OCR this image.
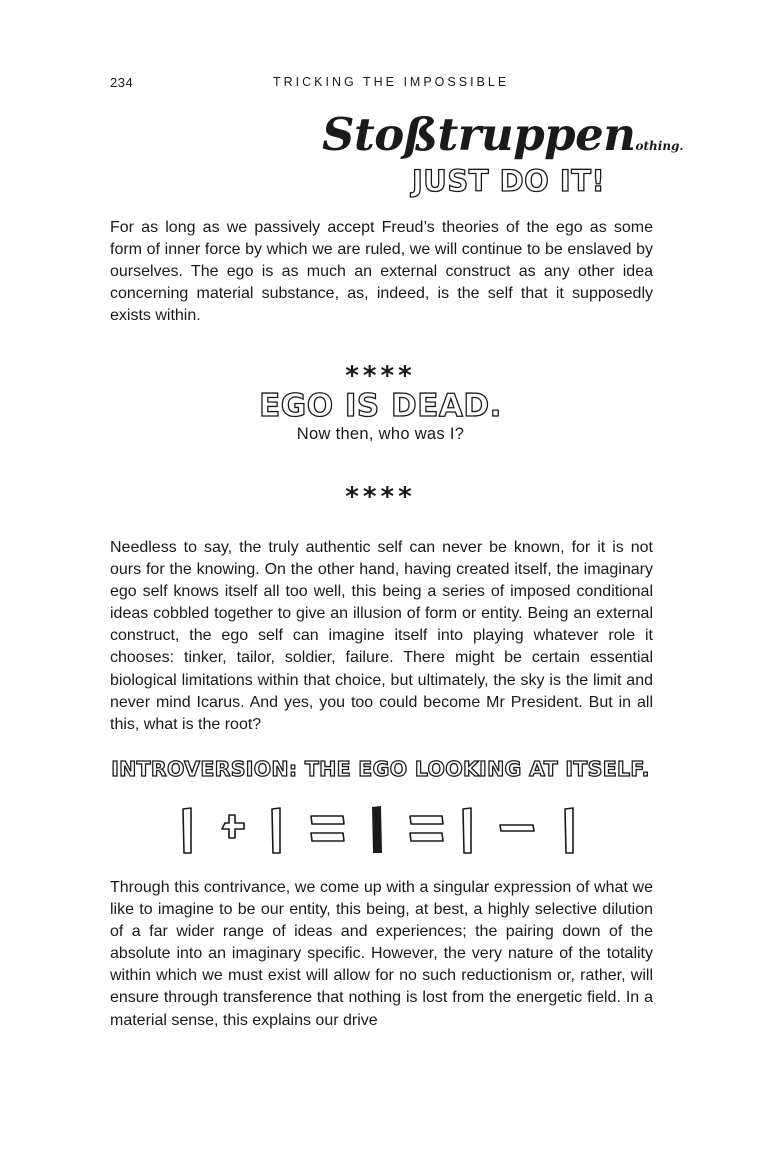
234	TRICKING THE IMPOSSIBLE
Stoßtruppenothing.
JUST DO IT!

For as long as we passively accept Freud’s theories of the ego as some form of inner force by which we are ruled, we will continue to be enslaved by ourselves. The ego is as much an external construct as any other idea concerning material substance, as, indeed, is the self that it supposedly exists within.

****
EGO IS DEAD.
Now then, who was I?
****

Needless to say, the truly authentic self can never be known, for it is not ours for the knowing. On the other hand, having created itself, the imaginary ego self knows itself all too well, this being a series of imposed conditional ideas cobbled together to give an illusion of form or entity. Being an external construct, the ego self can imagine itself into playing whatever role it chooses: tinker, tailor, soldier, failure. There might be certain essential biological limitations within that choice, but ultimately, the sky is the limit and never mind Icarus. And yes, you too could become Mr President. But in all this, what is the root?

INTROVERSION: THE EGO LOOKING AT ITSELF.

Through this contrivance, we come up with a singular expression of what we like to imagine to be our entity, this being, at best, a highly selective dilution of a far wider range of ideas and experiences; the pairing down of the absolute into an imaginary specific. However, the very nature of the totality within which we must exist will allow for no such reductionism or, rather, will ensure through transference that nothing is lost from the energetic field. In a material sense, this explains our drive
